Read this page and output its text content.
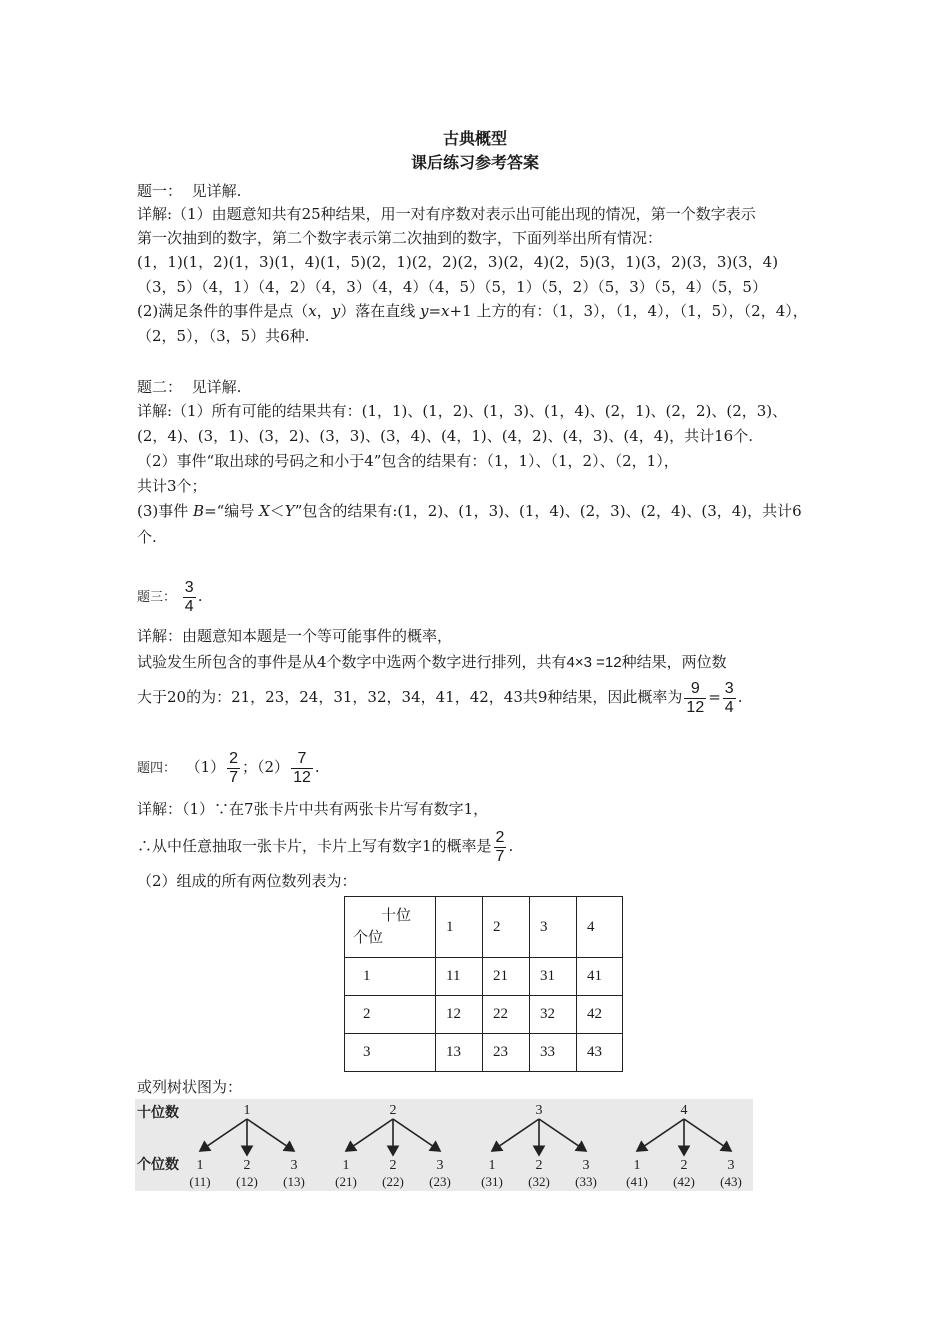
古典概型
课后练习参考答案
题一： 见详解.
详解:（1）由题意知共有25种结果，用一对有序数对表示出可能出现的情况，第一个数字表示
第一次抽到的数字，第二个数字表示第二次抽到的数字，下面列举出所有情况：
(1，1)(1，2)(1，3)(1，4)(1，5)(2，1)(2，2)(2，3)(2，4)(2，5)(3，1)(3，2)(3，3)(3，4)
（3，5）（4，1）（4，2）（4，3）（4，4）（4，5）（5，1）（5，2）（5，3）（5，4）（5，5）
(2)满足条件的事件是点（x，y）落在直线 y=x+1 上方的有：（1，3），（1，4），（1，5），（2，4），
（2，5），（3，5）共6种.
题二： 见详解.
详解:（1）所有可能的结果共有：(1，1)、(1，2)、(1，3)、(1，4)、(2，1)、(2，2)、(2，3)、
(2，4)、(3，1)、(3，2)、(3，3)、(3，4)、(4，1)、(4，2)、(4，3)、(4，4)，共计16个.
（2）事件“取出球的号码之和小于4”包含的结果有：（1，1）、（1，2）、（2，1），
共计3个；
(3)事件 B=“编号 X＜Y”包含的结果有:(1，2)、(1，3)、(1，4)、(2，3)、(2，4)、(3，4)，共计6
个.
题三： $\frac{3}{4}$ .
详解：由题意知本题是一个等可能事件的概率，
试验发生所包含的事件是从4个数字中选两个数字进行排列，共有4×3 =12种结果，两位数
大于20的为：21，23，24，31，32，34，41，42，43共9种结果，因此概率为 $\frac{9}{12} = \frac{3}{4}$ .
题四： $(1) \frac{2}{7}$ ；$(2) \frac{7}{12}$ .
详解：（1）∵在7张卡片中共有两张卡片写有数字1，
∴从中任意抽取一张卡片，卡片上写有数字1的概率是 $\frac{2}{7}$ .
（2）组成的所有两位数列表为：
十位
个位	1	2	3	4
1	11	21	31	41
2	12	22	32	42
3	13	23	33	43
或列树状图为：
十位数
个位数
1
1
(11)
2
(12)
3
(13)
2
1
(21)
2
(22)
3
(23)
3
1
(31)
2
(32)
3
(33)
4
1
(41)
2
(42)
3
(43)
